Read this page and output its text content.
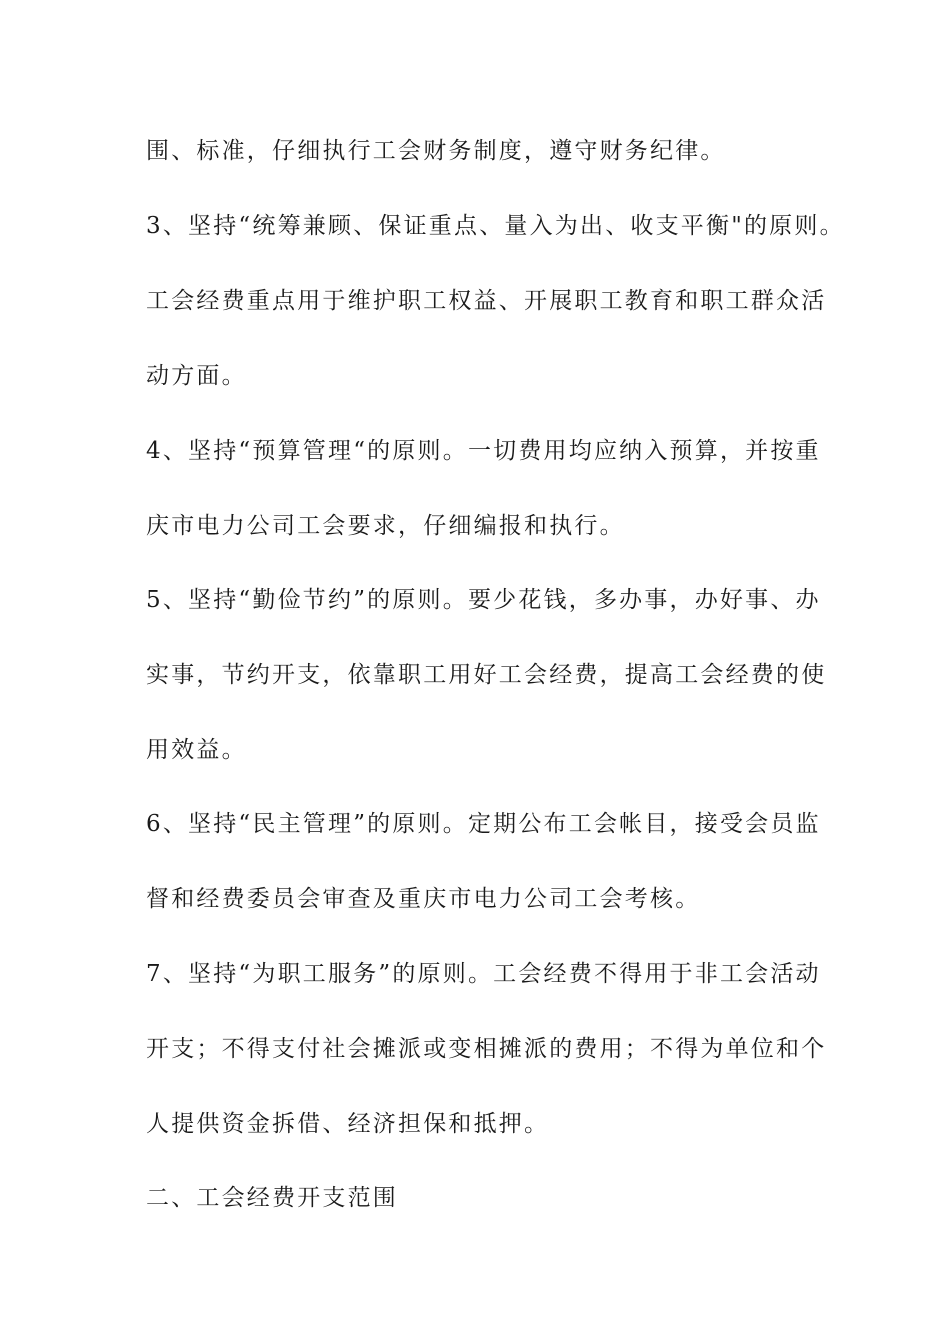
围、标准，仔细执行工会财务制度，遵守财务纪律。
3、坚持“统筹兼顾、保证重点、量入为出、收支平衡"的原则。
工会经费重点用于维护职工权益、开展职工教育和职工群众活
动方面。
4、坚持“预算管理“的原则。一切费用均应纳入预算，并按重
庆市电力公司工会要求，仔细编报和执行。
5、坚持“勤俭节约”的原则。要少花钱，多办事，办好事、办
实事，节约开支，依靠职工用好工会经费，提高工会经费的使
用效益。
6、坚持“民主管理”的原则。定期公布工会帐目，接受会员监
督和经费委员会审查及重庆市电力公司工会考核。
7、坚持“为职工服务”的原则。工会经费不得用于非工会活动
开支；不得支付社会摊派或变相摊派的费用；不得为单位和个
人提供资金拆借、经济担保和抵押。
二、工会经费开支范围
